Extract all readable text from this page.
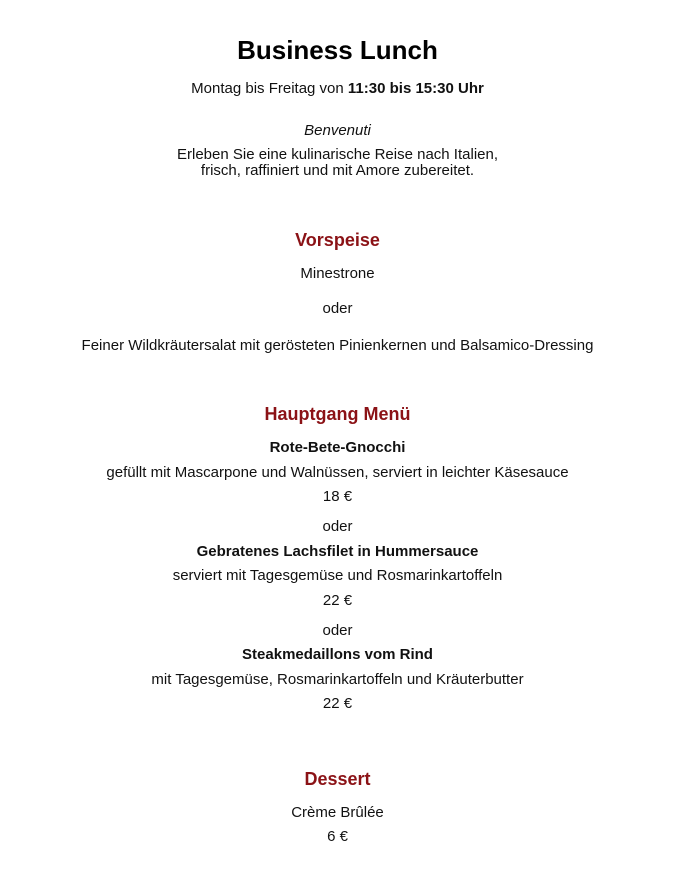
Business Lunch
Montag bis Freitag von 11:30 bis 15:30 Uhr
Benvenuti
Erleben Sie eine kulinarische Reise nach Italien,
frisch, raffiniert und mit Amore zubereitet.
Vorspeise
Minestrone
oder
Feiner Wildkräutersalat mit gerösteten Pinienkernen und Balsamico-Dressing
Hauptgang Menü
Rote-Bete-Gnocchi
gefüllt mit Mascarpone und Walnüssen, serviert in leichter Käsesauce
18 €
oder
Gebratenes Lachsfilet in Hummersauce
serviert mit Tagesgemüse und Rosmarinkartoffeln
22 €
oder
Steakmedaillons vom Rind
mit Tagesgemüse, Rosmarinkartoffeln und Kräuterbutter
22 €
Dessert
Crème Brûlée
6 €
